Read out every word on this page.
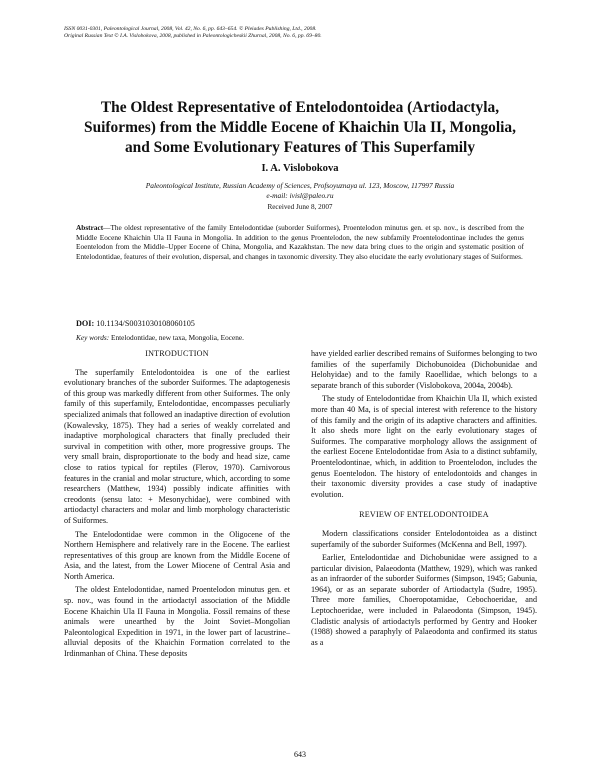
ISSN 0031-0301, Paleontological Journal, 2008, Vol. 42, No. 6, pp. 643–654. © Pleiades Publishing, Ltd., 2008.
Original Russian Text © I.A. Vislobokova, 2008, published in Paleontologicheskii Zhurnal, 2008, No. 6, pp. 69–80.
The Oldest Representative of Entelodontoidea (Artiodactyla,
Suiformes) from the Middle Eocene of Khaichin Ula II, Mongolia,
and Some Evolutionary Features of This Superfamily
I. A. Vislobokova
Paleontological Institute, Russian Academy of Sciences, Profsoyuznaya ul. 123, Moscow, 117997 Russia
e-mail: ivisl@paleo.ru
Received June 8, 2007
Abstract—The oldest representative of the family Entelodontidae (suborder Suiformes), Proentelodon minutus gen. et sp. nov., is described from the Middle Eocene Khaichin Ula II Fauna in Mongolia. In addition to the genus Proentelodon, the new subfamily Proentelodontinae includes the genus Eoentelodon from the Middle–Upper Eocene of China, Mongolia, and Kazakhstan. The new data bring clues to the origin and systematic position of Entelodontidae, features of their evolution, dispersal, and changes in taxonomic diversity. They also elucidate the early evolutionary stages of Suiformes.
DOI: 10.1134/S0031030108060105
Key words: Entelodontidae, new taxa, Mongolia, Eocene.
INTRODUCTION

The superfamily Entelodontoidea is one of the earliest evolutionary branches of the suborder Suiformes. The adaptogenesis of this group was markedly different from other Suiformes. The only family of this superfamily, Entelodontidae, encompasses peculiarly specialized animals that followed an inadaptive direction of evolution (Kowalevsky, 1875). They had a series of weakly correlated and inadaptive morphological characters that finally precluded their survival in competition with other, more progressive groups. The very small brain, disproportionate to the body and head size, came close to ratios typical for reptiles (Flerov, 1970). Carnivorous features in the cranial and molar structure, which, according to some researchers (Matthew, 1934) possibly indicate affinities with creodonts (sensu lato: + Mesonychidae), were combined with artiodactyl characters and molar and limb morphology characteristic of Suiformes.

The Entelodontidae were common in the Oligocene of the Northern Hemisphere and relatively rare in the Eocene. The earliest representatives of this group are known from the Middle Eocene of Asia, and the latest, from the Lower Miocene of Central Asia and North America.

The oldest Entelodontidae, named Proentelodon minutus gen. et sp. nov., was found in the artiodactyl association of the Middle Eocene Khaichin Ula II Fauna in Mongolia. Fossil remains of these animals were unearthed by the Joint Soviet–Mongolian Paleontological Expedition in 1971, in the lower part of lacustrine–alluvial deposits of the Khaichin Formation correlated to the Irdinmanhan of China. These deposits

have yielded earlier described remains of Suiformes belonging to two families of the superfamily Dichobunoidea (Dichobunidae and Helohyidae) and to the family Raoellidae, which belongs to a separate branch of this suborder (Vislobokova, 2004a, 2004b).

The study of Entelodontidae from Khaichin Ula II, which existed more than 40 Ma, is of special interest with reference to the history of this family and the origin of its adaptive characters and affinities. It also sheds more light on the early evolutionary stages of Suiformes. The comparative morphology allows the assignment of the earliest Eocene Entelodontidae from Asia to a distinct subfamily, Proentelodontinae, which, in addition to Proentelodon, includes the genus Eoentelodon. The history of entelodontoids and changes in their taxonomic diversity provides a case study of inadaptive evolution.

REVIEW OF ENTELODONTOIDEA

Modern classifications consider Entelodontoidea as a distinct superfamily of the suborder Suiformes (McKenna and Bell, 1997).

Earlier, Entelodontidae and Dichobunidae were assigned to a particular division, Palaeodonta (Matthew, 1929), which was ranked as an infraorder of the suborder Suiformes (Simpson, 1945; Gabunia, 1964), or as an separate suborder of Artiodactyla (Sudre, 1995). Three more families, Choeropotamidae, Cebochoeridae, and Leptochoeridae, were included in Palaeodonta (Simpson, 1945). Cladistic analysis of artiodactyls performed by Gentry and Hooker (1988) showed a paraphyly of Palaeodonta and confirmed its status as a

643
